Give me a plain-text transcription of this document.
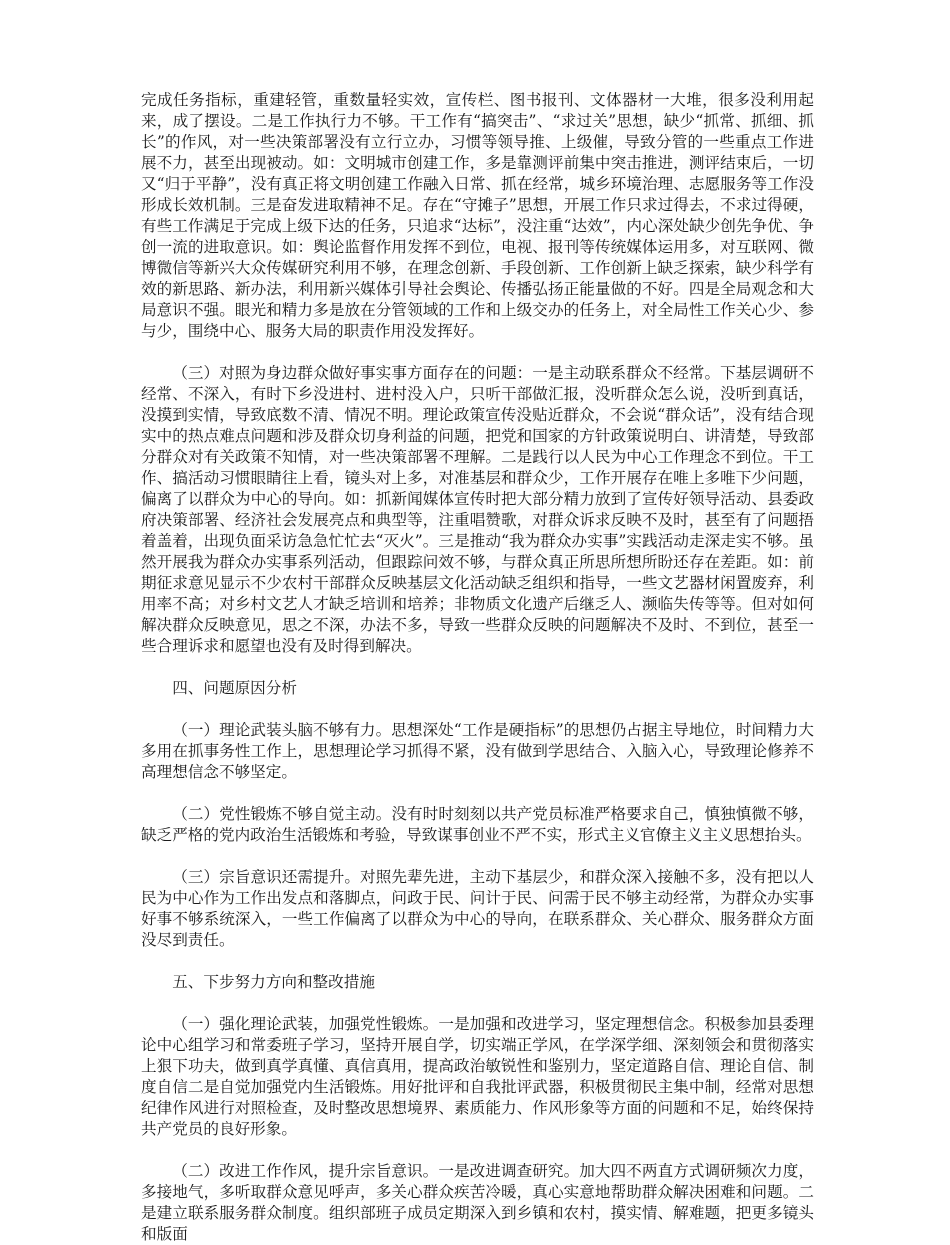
完成任务指标，重建轻管，重数量轻实效，宣传栏、图书报刊、文体器材一大堆，很多没利用起来，成了摆设。二是工作执行力不够。干工作有“搞突击”、“求过关”思想，缺少“抓常、抓细、抓长”的作风，对一些决策部署没有立行立办，习惯等领导推、上级催，导致分管的一些重点工作进展不力，甚至出现被动。如：文明城市创建工作，多是靠测评前集中突击推进，测评结束后，一切又“归于平静”，没有真正将文明创建工作融入日常、抓在经常，城乡环境治理、志愿服务等工作没形成长效机制。三是奋发进取精神不足。存在“守摊子”思想，开展工作只求过得去，不求过得硬，有些工作满足于完成上级下达的任务，只追求“达标”，没注重“达效”，内心深处缺少创先争优、争创一流的进取意识。如：舆论监督作用发挥不到位，电视、报刊等传统媒体运用多，对互联网、微博微信等新兴大众传媒研究利用不够，在理念创新、手段创新、工作创新上缺乏探索，缺少科学有效的新思路、新办法，利用新兴媒体引导社会舆论、传播弘扬正能量做的不好。四是全局观念和大局意识不强。眼光和精力多是放在分管领域的工作和上级交办的任务上，对全局性工作关心少、参与少，围绕中心、服务大局的职责作用没发挥好。

（三）对照为身边群众做好事实事方面存在的问题：一是主动联系群众不经常。下基层调研不经常、不深入，有时下乡没进村、进村没入户，只听干部做汇报，没听群众怎么说，没听到真话，没摸到实情，导致底数不清、情况不明。理论政策宣传没贴近群众，不会说“群众话”，没有结合现实中的热点难点问题和涉及群众切身利益的问题，把党和国家的方针政策说明白、讲清楚，导致部分群众对有关政策不知情，对一些决策部署不理解。二是践行以人民为中心工作理念不到位。干工作、搞活动习惯眼睛往上看，镜头对上多，对准基层和群众少，工作开展存在唯上多唯下少问题，偏离了以群众为中心的导向。如：抓新闻媒体宣传时把大部分精力放到了宣传好领导活动、县委政府决策部署、经济社会发展亮点和典型等，注重唱赞歌，对群众诉求反映不及时，甚至有了问题捂着盖着，出现负面采访急急忙忙去“灭火”。三是推动“我为群众办实事”实践活动走深走实不够。虽然开展我为群众办实事系列活动，但跟踪问效不够，与群众真正所思所想所盼还存在差距。如：前期征求意见显示不少农村干部群众反映基层文化活动缺乏组织和指导，一些文艺器材闲置废弃，利用率不高；对乡村文艺人才缺乏培训和培养；非物质文化遗产后继乏人、濒临失传等等。但对如何解决群众反映意见，思之不深，办法不多，导致一些群众反映的问题解决不及时、不到位，甚至一些合理诉求和愿望也没有及时得到解决。

四、问题原因分析

（一）理论武装头脑不够有力。思想深处“工作是硬指标”的思想仍占据主导地位，时间精力大多用在抓事务性工作上，思想理论学习抓得不紧，没有做到学思结合、入脑入心，导致理论修养不高理想信念不够坚定。

（二）党性锻炼不够自觉主动。没有时时刻刻以共产党员标准严格要求自己，慎独慎微不够，缺乏严格的党内政治生活锻炼和考验，导致谋事创业不严不实，形式主义官僚主义主义思想抬头。

（三）宗旨意识还需提升。对照先辈先进，主动下基层少，和群众深入接触不多，没有把以人民为中心作为工作出发点和落脚点，问政于民、问计于民、问需于民不够主动经常，为群众办实事好事不够系统深入，一些工作偏离了以群众为中心的导向，在联系群众、关心群众、服务群众方面没尽到责任。

五、下步努力方向和整改措施

（一）强化理论武装，加强党性锻炼。一是加强和改进学习，坚定理想信念。积极参加县委理论中心组学习和常委班子学习，坚持开展自学，切实端正学风，在学深学细、深刻领会和贯彻落实上狠下功夫，做到真学真懂、真信真用，提高政治敏锐性和鉴别力，坚定道路自信、理论自信、制度自信二是自觉加强党内生活锻炼。用好批评和自我批评武器，积极贯彻民主集中制，经常对思想纪律作风进行对照检查，及时整改思想境界、素质能力、作风形象等方面的问题和不足，始终保持共产党员的良好形象。

（二）改进工作作风，提升宗旨意识。一是改进调查研究。加大四不两直方式调研频次力度，多接地气，多听取群众意见呼声，多关心群众疾苦冷暖，真心实意地帮助群众解决困难和问题。二是建立联系服务群众制度。组织部班子成员定期深入到乡镇和农村，摸实情、解难题，把更多镜头和版面
